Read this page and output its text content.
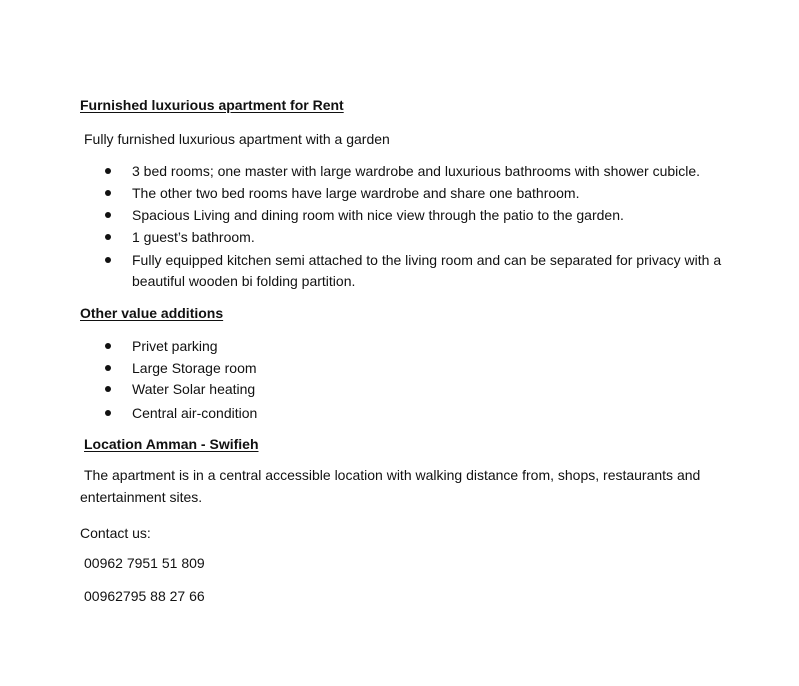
Furnished luxurious apartment for Rent
Fully furnished luxurious apartment with a garden
3 bed rooms; one master with large wardrobe and luxurious bathrooms with shower cubicle.
The other two bed rooms have large wardrobe and share one bathroom.
Spacious Living and dining room with nice view through the patio to the garden.
1 guest’s bathroom.
Fully equipped kitchen semi attached to the living room and can be separated for privacy with a beautiful wooden bi folding partition.
Other value additions
Privet parking
Large Storage room
Water Solar heating
Central air-condition
Location Amman - Swifieh
The apartment is in a central accessible location with walking distance from, shops, restaurants and entertainment sites.
Contact us:
00962 7951 51 809
00962795 88 27 66
